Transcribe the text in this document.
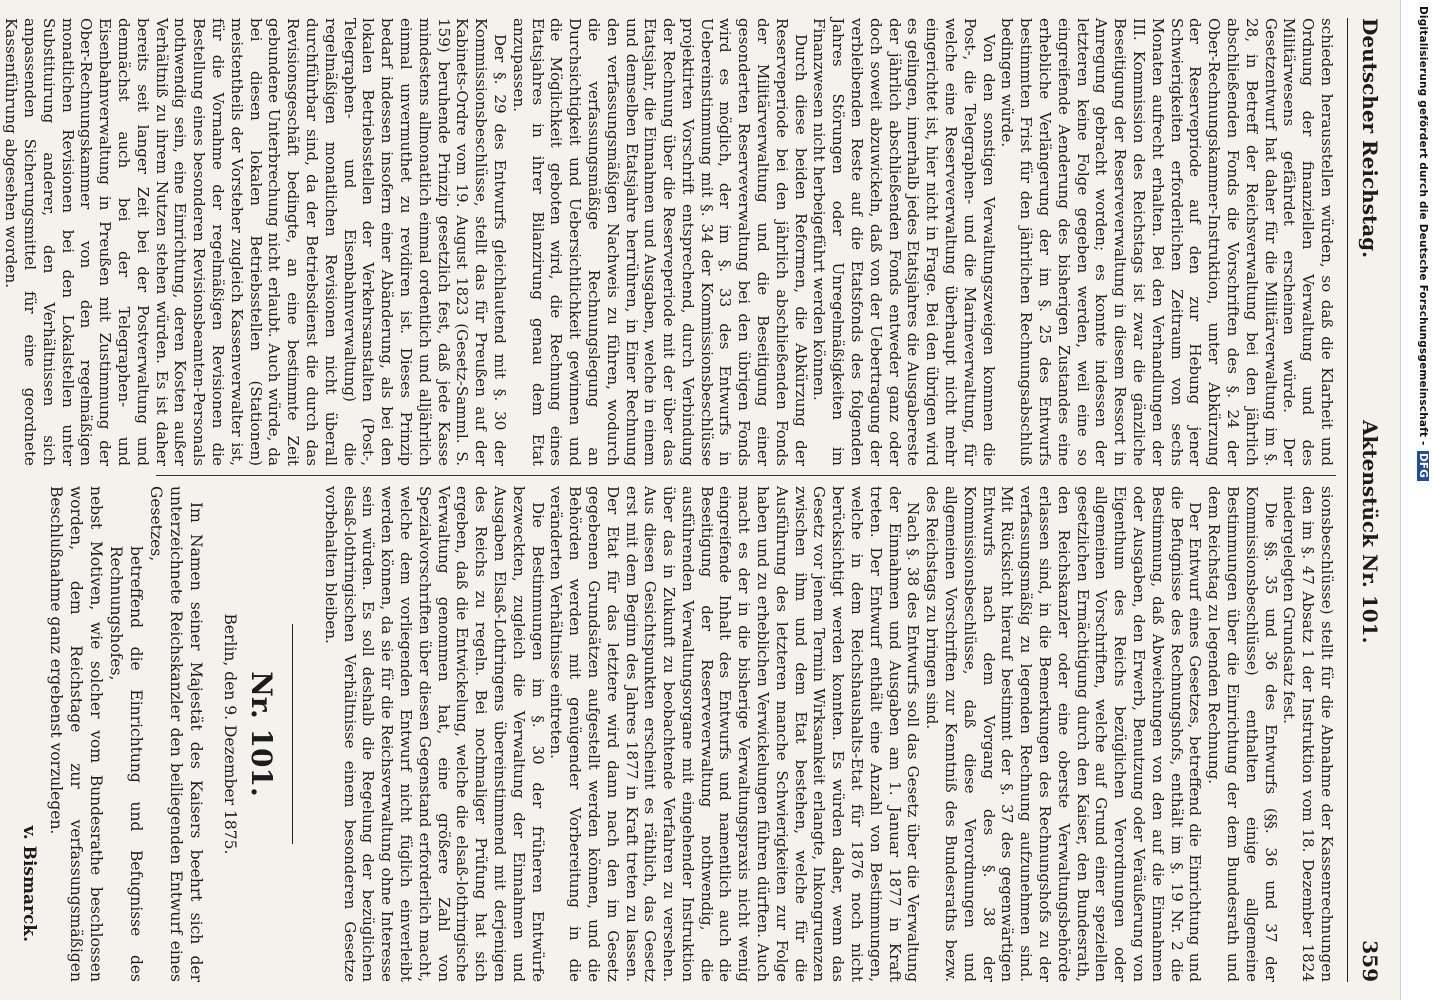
Digitalisierung gefördert durch die Deutsche Forschungsgemeinschaft - DFG
Deutscher Reichstag.
Aktenstück Nr. 101.
359

schieden herausstellen würden, so daß die Klarheit und Ordnung der finanziellen Verwaltung und des Militärwesens gefährdet erscheinen würde. Der Gesetzentwurf hat daher für die Militärverwaltung im §. 28, in Betreff der Reichsverwaltung bei den jährlich abschließenden Fonds die Vorschriften des §. 24 der Ober-Rechnungskammer-Instruktion, unter Abkürzung der Reservepriode auf den zur Hebung jener Schwierigkeiten erforderlichen Zeitraum von sechs Monaten aufrecht erhalten. Bei den Verhandlungen der III. Kommission des Reichstags ist zwar die gänzliche Beseitigung der Reserveverwaltung in diesem Ressort in Anregung gebracht worden; es konnte indessen der letzteren keine Folge gegeben werden, weil eine so eingreifende Aenderung des bisherigen Zustandes eine erhebliche Verlängerung der im §. 25 des Entwurfs bestimmten Frist für den jährlichen Rechnungsabschluß bedingen würde.

Von den sonstigen Verwaltungszweigen kommen die Post-, die Telegraphen- und die Marineverwaltung, für welche eine Reserveverwaltung überhaupt nicht mehr eingerichtet ist, hier nicht in Frage. Bei den übrigen wird es gelingen, innerhalb jedes Etatsjahres die Ausgabereste der jährlich abschließenden Fonds entweder ganz oder doch soweit abzuwickeln, daß von der Uebertragung der verbleibenden Reste auf die Etatsfonds des folgenden Jahres Störungen oder Unregelmäßigkeiten im Finanzwesen nicht herbeigeführt werden können.

Durch diese beiden Reformen, die Abkürzung der Reserveperiode bei den jährlich abschließenden Fonds der Militärverwaltung und die Beseitigung einer gesonderten Reserveverwaltung bei den übrigen Fonds wird es möglich, der im §. 33 des Entwurfs in Uebereinstimmung mit §. 34 der Kommissionsbeschlüsse projektirten Vorschrift entsprechend, durch Verbindung der Rechnung über die Reserveperiode mit der über das Etatsjahr, die Einnahmen und Ausgaben, welche in einem und demselben Etatsjahre herrühren, in Einer Rechnung den verfassungsmäßigen Nachweis zu führen, wodurch die verfassungsmäßige Rechnungslegung an Durchsichtigkeit und Uebersichtlichkeit gewinnen und die Möglichkeit geboten wird, die Rechnung eines Etatsjahres in ihrer Bilanzirung genau dem Etat anzupassen.

Der §. 29 des Entwurfs gleichlautend mit §. 30 der Kommissionsbeschlüsse, stellt das für Preußen auf der Kabinets-Ordre vom 19. August 1823 (Gesetz-Samml. S. 159) beruhende Prinzip gesetzlich fest, daß jede Kasse mindestens allmonatlich einmal ordentlich und alljährlich einmal unvermuthet zu revidiren ist. Dieses Prinzip bedarf indessen insofern einer Abänderung, als bei den lokalen Betriebsstellen der Verkehrsanstalten (Post-, Telegraphen- und Eisenbahnverwaltung) die regelmäßigen monatlichen Revisionen nicht überall durchführbar sind, da der Betriebsdienst die durch das Revisionsgeschäft bedingte, an eine bestimmte Zeit gebundene Unterbrechung nicht erlaubt. Auch würde, da bei diesen lokalen Betriebsstellen (Stationen) meistentheils der Vorsteher zugleich Kassenverwalter ist, für die Vornahme der regelmäßigen Revisionen die Bestellung eines besonderen Revisionsbeamten-Personals nothwendig sein, eine Einrichtung, deren Kosten außer Verhältniß zu ihrem Nutzen stehen würden. Es ist daher bereits seit langer Zeit bei der Postverwaltung und demnächst auch bei der Telegraphen- und Eisenbahnverwaltung in Preußen mit Zustimmung der Ober-Rechnungskammer von den regelmäßigen monatlichen Revisionen bei den Lokalstellen unter Substituirung anderer, den Verhältnissen sich anpassenden Sicherungsmittel für eine geordnete Kassenführung abgesehen worden.

sionsbeschlüsse) stellt für die Abnahme der Kassenrechnungen den im §. 47 Absatz 1 der Instruktion vom 18. Dezember 1824 niedergelegten Grundsatz fest.

Die §§. 35 und 36 des Entwurfs (§§. 36 und 37 der Kommissionsbeschlüsse) enthalten einige allgemeine Bestimmungen über die Einrichtung der dem Bundesrath und dem Reichstag zu legenden Rechnung.

Der Entwurf eines Gesetzes, betreffend die Einrichtung und die Befugnisse des Rechnungshofs, enthält im §. 19 Nr. 2 die Bestimmung, daß Abweichungen von den auf die Einnahmen oder Ausgaben, den Erwerb, Benutzung oder Veräußerung von Eigenthum des Reichs bezüglichen Verordnungen oder allgemeinen Vorschriften, welche auf Grund einer speziellen gesetzlichen Ermächtigung durch den Kaiser, den Bundesrath, den Reichskanzler oder eine oberste Verwaltungsbehörde erlassen sind, in die Bemerkungen des Rechnungshofs zu der verfassungsmäßig zu legenden Rechnung aufzunehmen sind. Mit Rücksicht hierauf bestimmt der §. 37 des gegenwärtigen Entwurfs nach dem Vorgang des §. 38 der Kommissionsbeschlüsse, daß diese Verordnungen und allgemeinen Vorschriften zur Kenntniß des Bundesraths bezw. des Reichstags zu bringen sind.

Nach §. 38 des Entwurfs soll das Gesetz über die Verwaltung der Einnahmen und Ausgaben am 1. Januar 1877 in Kraft treten. Der Entwurf enthält eine Anzahl von Bestimmungen, welche in dem Reichshaushalts-Etat für 1876 noch nicht berücksichtigt werden konnten. Es würden daher, wenn das Gesetz vor jenem Termin Wirksamkeit erlangte, Inkongruenzen zwischen ihm und dem Etat bestehen, welche für die Ausführung des letzteren manche Schwierigkeiten zur Folge haben und zu erheblichen Verwickelungen führen dürften. Auch macht es der in die bisherige Verwaltungspraxis nicht wenig eingreifende Inhalt des Entwurfs und namentlich auch die Beseitigung der Reserveverwaltung nothwendig, die ausführenden Verwaltungsorgane mit eingehender Instruktion über das in Zukunft zu beobachtende Verfahren zu versehen. Aus diesen Gesichtspunkten erscheint es räthlich, das Gesetz erst mit dem Beginn des Jahres 1877 in Kraft treten zu lassen. Der Etat für das letztere wird dann nach den im Gesetz gegebenen Grundsätzen aufgestellt werden können, und die Behörden werden mit genügender Vorbereitung in die veränderten Verhältnisse eintreten.

Die Bestimmungen im §. 30 der früheren Entwürfe bezweckten, zugleich die Verwaltung der Einnahmen und Ausgaben Elsaß-Lothringens übereinstimmend mit derjenigen des Reichs zu regeln. Bei nochmaliger Prüfung hat sich ergeben, daß die Entwickelung, welche die elsaß-lothringische Verwaltung genommen hat, eine größere Zahl von Spezialvorschriften über diesen Gegenstand erforderlich macht, welche dem vorliegenden Entwurf nicht füglich einverleibt werden können, da sie für die Reichsverwaltung ohne Interesse sein würden. Es soll deshalb die Regelung der bezüglichen elsaß-lothringischen Verhältnisse einem besonderen Gesetze vorbehalten bleiben.

Nr. 101.
Berlin, den 9. Dezember 1875.

Im Namen seiner Majestät des Kaisers beehrt sich der unterzeichnete Reichskanzler den beiliegenden Entwurf eines Gesetzes,

betreffend die Einrichtung und Befugnisse des Rechnungshofes,

nebst Motiven, wie solcher vom Bundesrathe beschlossen worden, dem Reichstage zur verfassungsmäßigen Beschlußnahme ganz ergebenst vorzulegen.

v. Bismarck.
